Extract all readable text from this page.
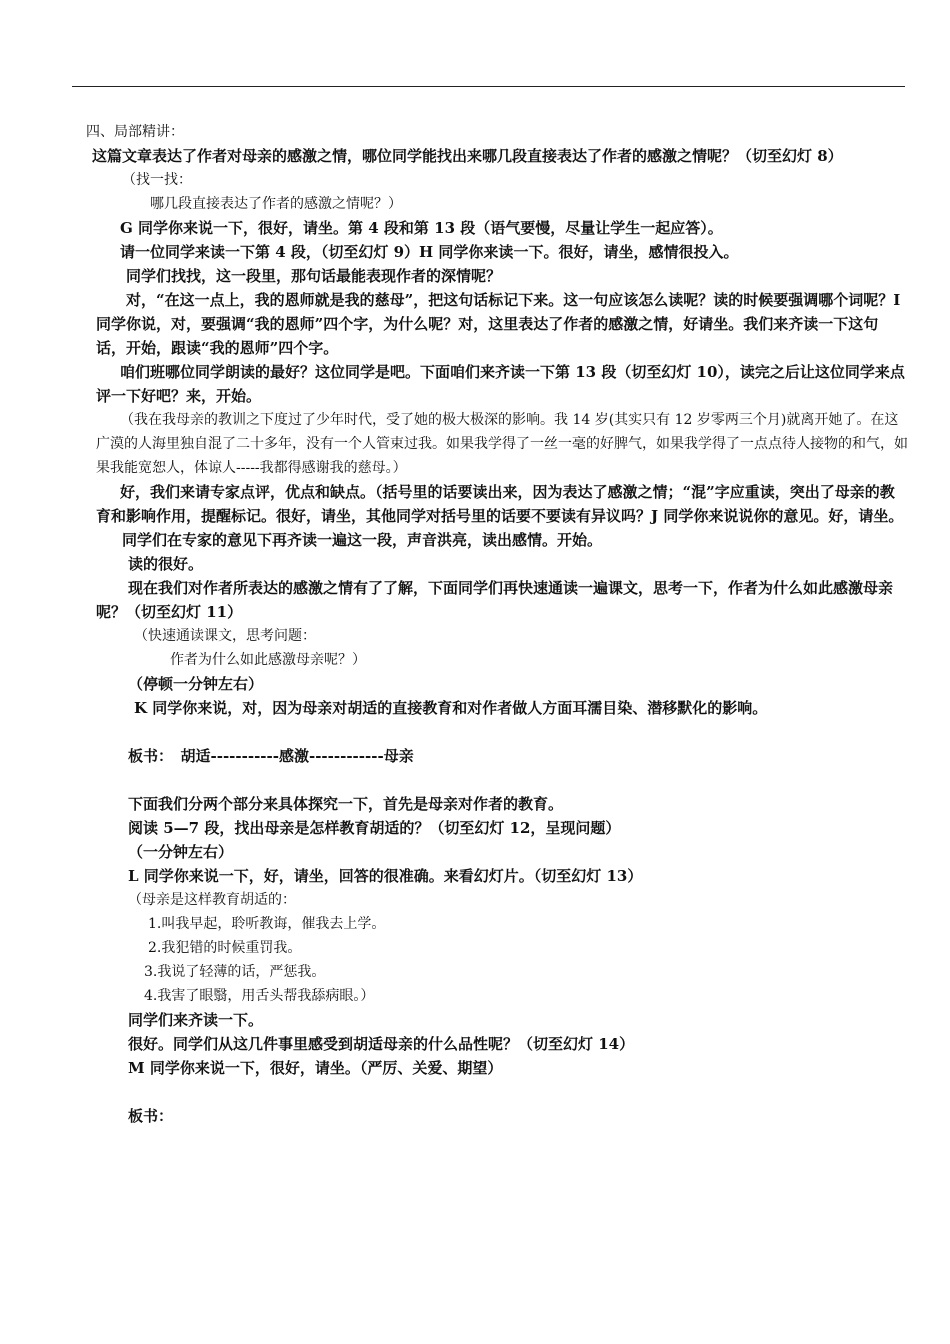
四、局部精讲：
这篇文章表达了作者对母亲的感激之情，哪位同学能找出来哪几段直接表达了作者的感激之情呢？（切至幻灯 8）
（找一找：
哪几段直接表达了作者的感激之情呢？）
G 同学你来说一下，很好，请坐。第 4 段和第 13 段（语气要慢，尽量让学生一起应答）。
请一位同学来读一下第 4 段，（切至幻灯 9）H 同学你来读一下。很好，请坐，感情很投入。
同学们找找，这一段里，那句话最能表现作者的深情呢？
对，“在这一点上，我的恩师就是我的慈母”，把这句话标记下来。这一句应该怎么读呢？读的时候要强调哪个词呢？I 同学你说，对，要强调“我的恩师”四个字，为什么呢？对，这里表达了作者的感激之情，好请坐。我们来齐读一下这句话，开始，跟读“我的恩师”四个字。
咱们班哪位同学朗读的最好？这位同学是吧。下面咱们来齐读一下第 13 段（切至幻灯 10），读完之后让这位同学来点评一下好吧？来，开始。
（我在我母亲的教训之下度过了少年时代，受了她的极大极深的影响。我 14 岁(其实只有 12 岁零两三个月)就离开她了。在这广漠的人海里独自混了二十多年，没有一个人管束过我。如果我学得了一丝一毫的好脾气，如果我学得了一点点待人接物的和气，如果我能宽恕人，体谅人-----我都得感谢我的慈母。）
好，我们来请专家点评，优点和缺点。（括号里的话要读出来，因为表达了感激之情；“混”字应重读，突出了母亲的教育和影响作用，提醒标记。很好，请坐，其他同学对括号里的话要不要读有异议吗？J 同学你来说说你的意见。好，请坐。
同学们在专家的意见下再齐读一遍这一段，声音洪亮，读出感情。开始。
读的很好。
现在我们对作者所表达的感激之情有了了解，下面同学们再快速通读一遍课文，思考一下，作者为什么如此感激母亲呢？（切至幻灯 11）
（快速通读课文，思考问题：
作者为什么如此感激母亲呢？）
（停顿一分钟左右）
K 同学你来说，对，因为母亲对胡适的直接教育和对作者做人方面耳濡目染、潜移默化的影响。
板书：　胡适-----------感激------------母亲
下面我们分两个部分来具体探究一下，首先是母亲对作者的教育。
阅读 5—7 段，找出母亲是怎样教育胡适的？（切至幻灯 12，呈现问题）
（一分钟左右）
L 同学你来说一下，好，请坐，回答的很准确。来看幻灯片。（切至幻灯 13）
（母亲是这样教育胡适的：
1.叫我早起，聆听教诲，催我去上学。
2.我犯错的时候重罚我。
3.我说了轻薄的话，严惩我。
4.我害了眼翳，用舌头帮我舔病眼。）
同学们来齐读一下。
很好。同学们从这几件事里感受到胡适母亲的什么品性呢？（切至幻灯 14）
M 同学你来说一下，很好，请坐。（严厉、关爱、期望）
板书：
